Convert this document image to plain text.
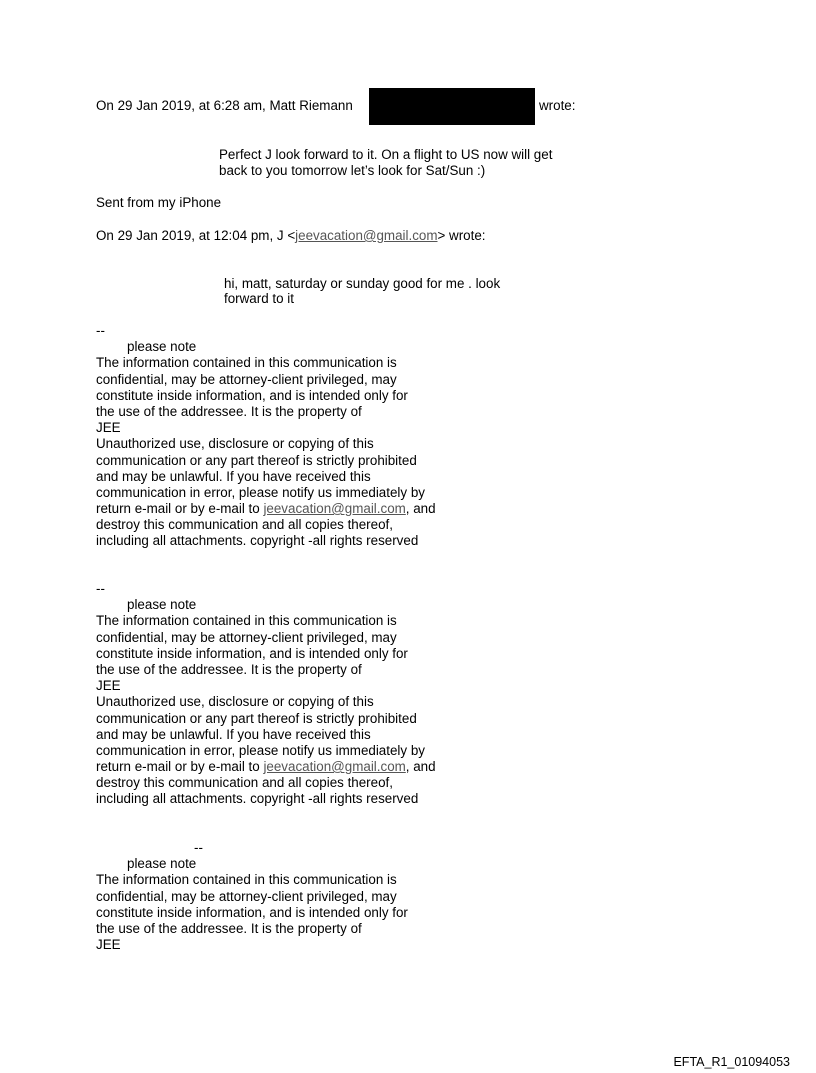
On 29 Jan 2019, at 6:28 am, Matt Riemann	wrote:
Perfect J look forward to it. On a flight to US now will get
back to you tomorrow let’s look for Sat/Sun :)
Sent from my iPhone
On 29 Jan 2019, at 12:04 pm, J <jeevacation@gmail.com> wrote:
hi, matt, saturday or sunday good for me . look
forward to it
--
please note
The information contained in this communication is
confidential, may be attorney-client privileged, may
constitute inside information, and is intended only for
the use of the addressee. It is the property of
JEE
Unauthorized use, disclosure or copying of this
communication or any part thereof is strictly prohibited
and may be unlawful. If you have received this
communication in error, please notify us immediately by
return e-mail or by e-mail to jeevacation@gmail.com, and
destroy this communication and all copies thereof,
including all attachments. copyright -all rights reserved
--
please note
The information contained in this communication is
confidential, may be attorney-client privileged, may
constitute inside information, and is intended only for
the use of the addressee. It is the property of
JEE
Unauthorized use, disclosure or copying of this
communication or any part thereof is strictly prohibited
and may be unlawful. If you have received this
communication in error, please notify us immediately by
return e-mail or by e-mail to jeevacation@gmail.com, and
destroy this communication and all copies thereof,
including all attachments. copyright -all rights reserved
--
please note
The information contained in this communication is
confidential, may be attorney-client privileged, may
constitute inside information, and is intended only for
the use of the addressee. It is the property of
JEE
EFTA_R1_01094053
